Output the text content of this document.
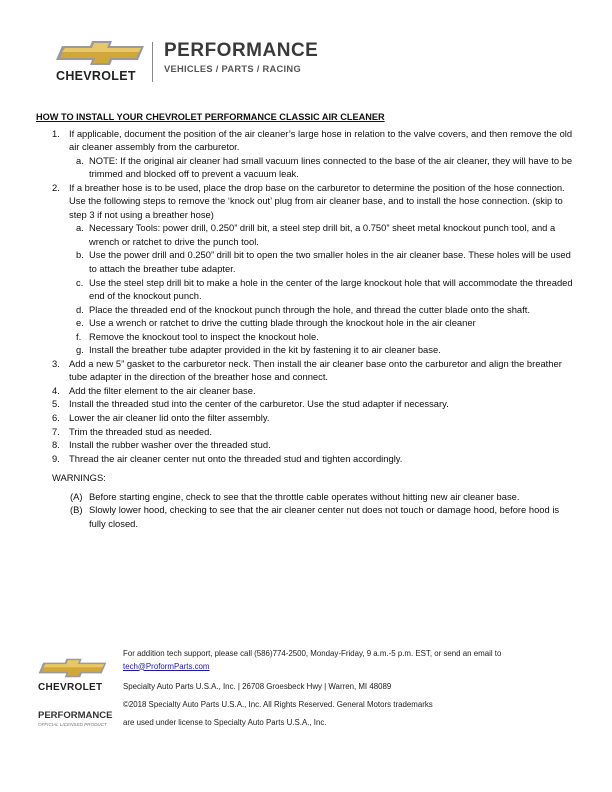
CHEVROLET
PERFORMANCE
VEHICLES / PARTS / RACING
HOW TO INSTALL YOUR CHEVROLET PERFORMANCE CLASSIC AIR CLEANER
1. If applicable, document the position of the air cleaner’s large hose in relation to the valve covers, and then remove the old air cleaner assembly from the carburetor.
a. NOTE: If the original air cleaner had small vacuum lines connected to the base of the air cleaner, they will have to be trimmed and blocked off to prevent a vacuum leak.
2. If a breather hose is to be used, place the drop base on the carburetor to determine the position of the hose connection. Use the following steps to remove the ‘knock out’ plug from air cleaner base, and to install the hose connection. (skip to step 3 if not using a breather hose)
a. Necessary Tools: power drill, 0.250” drill bit, a steel step drill bit, a 0.750” sheet metal knockout punch tool, and a wrench or ratchet to drive the punch tool.
b. Use the power drill and 0.250” drill bit to open the two smaller holes in the air cleaner base. These holes will be used to attach the breather tube adapter.
c. Use the steel step drill bit to make a hole in the center of the large knockout hole that will accommodate the threaded end of the knockout punch.
d. Place the threaded end of the knockout punch through the hole, and thread the cutter blade onto the shaft.
e. Use a wrench or ratchet to drive the cutting blade through the knockout hole in the air cleaner
f. Remove the knockout tool to inspect the knockout hole.
g. Install the breather tube adapter provided in the kit by fastening it to air cleaner base.
3. Add a new 5” gasket to the carburetor neck. Then install the air cleaner base onto the carburetor and align the breather tube adapter in the direction of the breather hose and connect.
4. Add the filter element to the air cleaner base.
5. Install the threaded stud into the center of the carburetor. Use the stud adapter if necessary.
6. Lower the air cleaner lid onto the filter assembly.
7. Trim the threaded stud as needed.
8. Install the rubber washer over the threaded stud.
9. Thread the air cleaner center nut onto the threaded stud and tighten accordingly.
WARNINGS:
(A) Before starting engine, check to see that the throttle cable operates without hitting new air cleaner base.
(B) Slowly lower hood, checking to see that the air cleaner center nut does not touch or damage hood, before hood is fully closed.
CHEVROLET
PERFORMANCE
OFFICIAL LICENSED PRODUCT

For addition tech support, please call (586)774-2500, Monday-Friday, 9 a.m.-5 p.m. EST, or send an email to

tech@ProformParts.com

Specialty Auto Parts U.S.A., Inc. | 26708 Groesbeck Hwy | Warren, MI 48089

©2018 Specialty Auto Parts U.S.A., Inc. All Rights Reserved. General Motors trademarks

are used under license to Specialty Auto Parts U.S.A., Inc.
